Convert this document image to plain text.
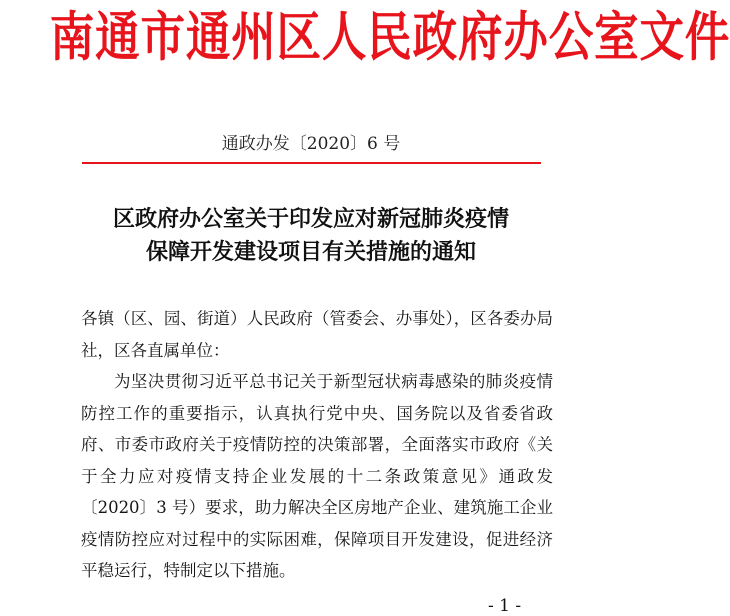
南通市通州区人民政府办公室文件
通政办发〔2020〕6 号
区政府办公室关于印发应对新冠肺炎疫情
保障开发建设项目有关措施的通知

各镇（区、园、街道）人民政府（管委会、办事处），区各委办局社，区各直属单位：

为坚决贯彻习近平总书记关于新型冠状病毒感染的肺炎疫情防控工作的重要指示，认真执行党中央、国务院以及省委省政府、市委市政府关于疫情防控的决策部署，全面落实市政府《关于全力应对疫情支持企业发展的十二条政策意见》通政发〔2020〕3 号）要求，助力解决全区房地产企业、建筑施工企业疫情防控应对过程中的实际困难，保障项目开发建设，促进经济平稳运行，特制定以下措施。

- 1 -
